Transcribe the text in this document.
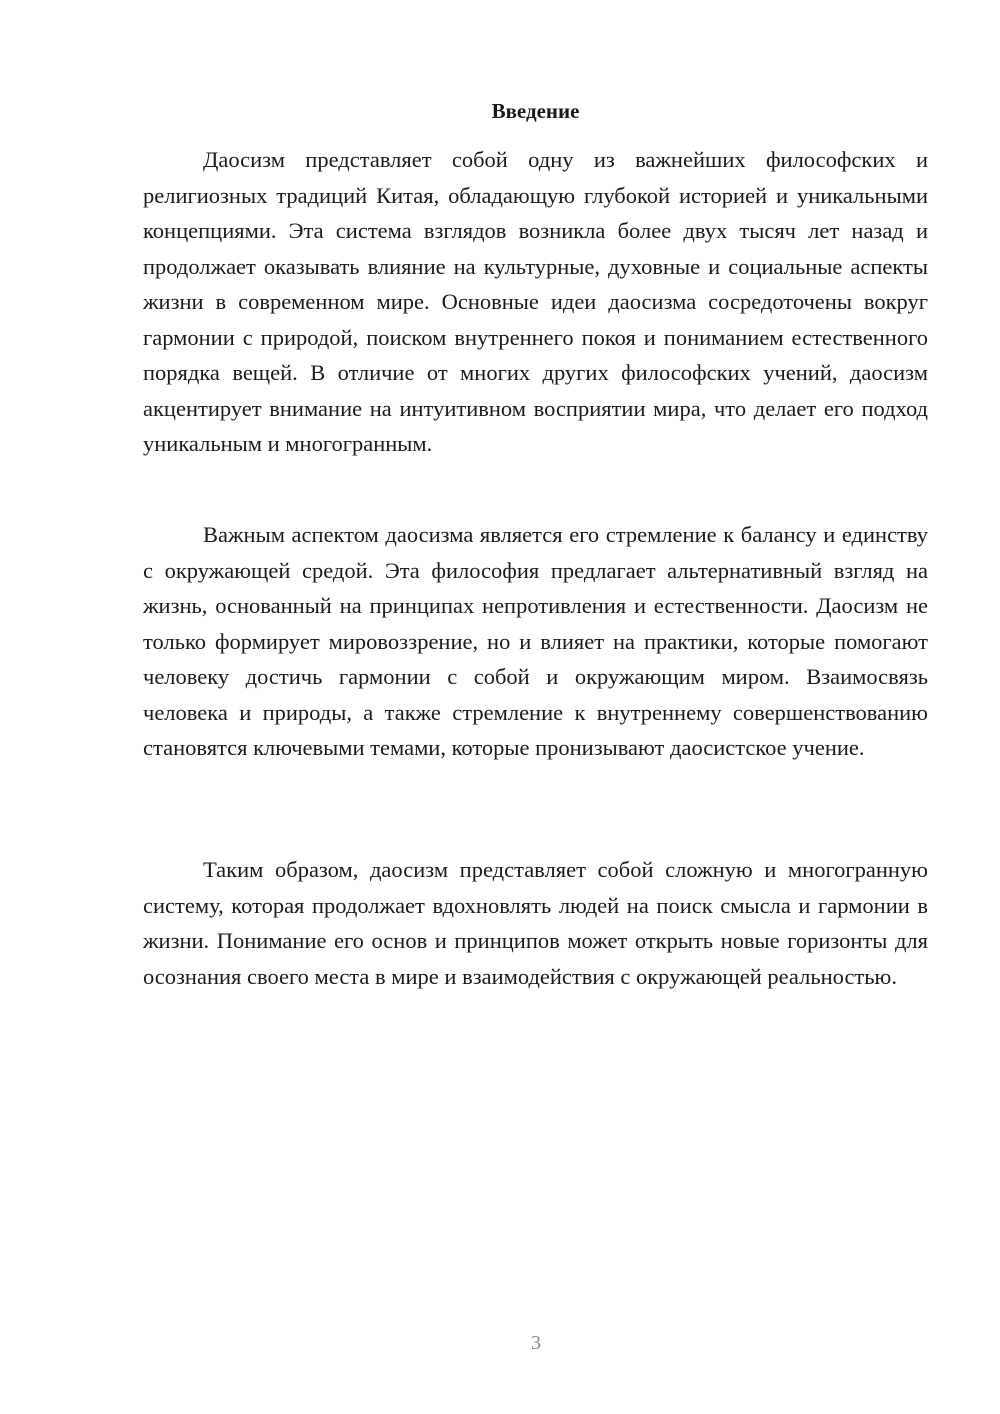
Введение

Даосизм представляет собой одну из важнейших философских и религиозных традиций Китая, обладающую глубокой историей и уникальными концепциями. Эта система взглядов возникла более двух тысяч лет назад и продолжает оказывать влияние на культурные, духовные и социальные аспекты жизни в современном мире. Основные идеи даосизма сосредоточены вокруг гармонии с природой, поиском внутреннего покоя и пониманием естественного порядка вещей. В отличие от многих других философских учений, даосизм акцентирует внимание на интуитивном восприятии мира, что делает его подход уникальным и многогранным.

Важным аспектом даосизма является его стремление к балансу и единству с окружающей средой. Эта философия предлагает альтернативный взгляд на жизнь, основанный на принципах непротивления и естественности. Даосизм не только формирует мировоззрение, но и влияет на практики, которые помогают человеку достичь гармонии с собой и окружающим миром. Взаимосвязь человека и природы, а также стремление к внутреннему совершенствованию становятся ключевыми темами, которые пронизывают даосистское учение.

Таким образом, даосизм представляет собой сложную и многогранную систему, которая продолжает вдохновлять людей на поиск смысла и гармонии в жизни. Понимание его основ и принципов может открыть новые горизонты для осознания своего места в мире и взаимодействия с окружающей реальностью.

3
